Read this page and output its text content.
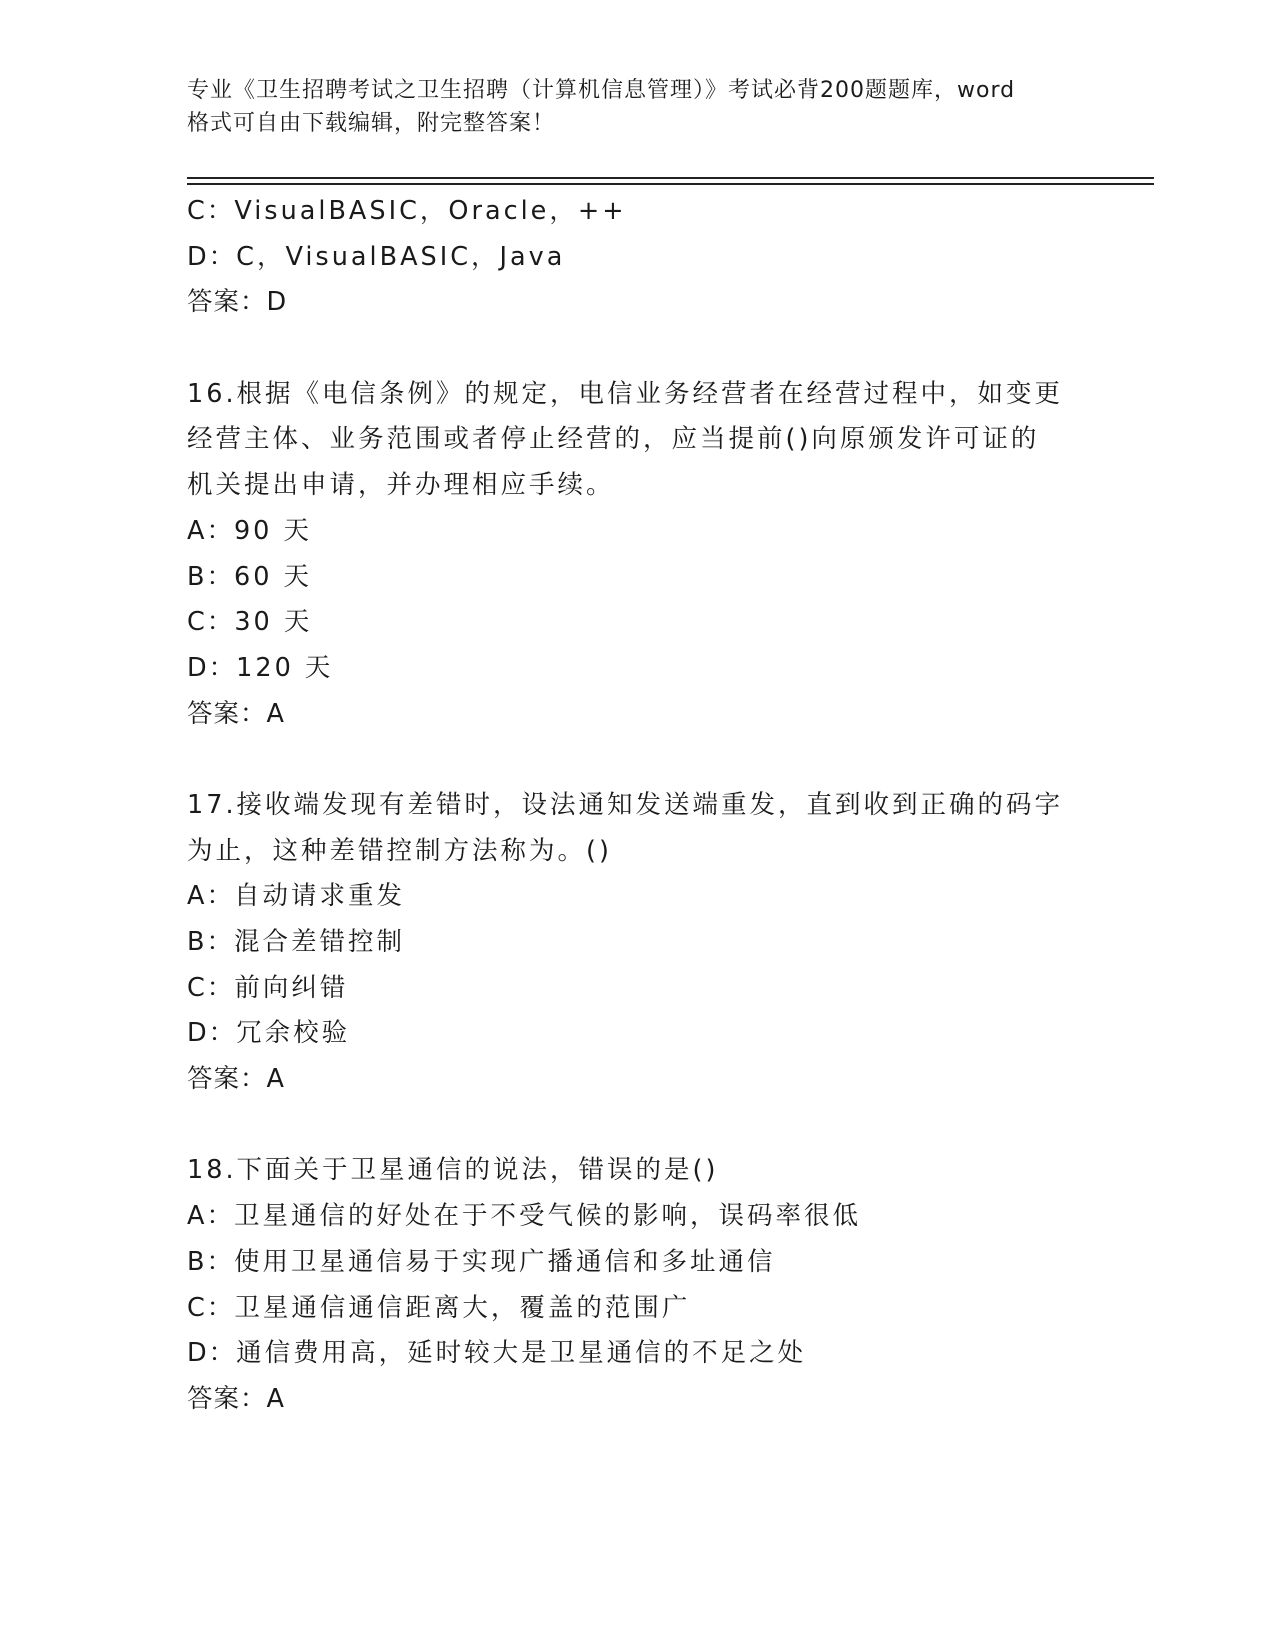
专业《卫生招聘考试之卫生招聘（计算机信息管理）》考试必背200题题库，word
格式可自由下载编辑，附完整答案！
C：VisualBASIC，Oracle，++
D：C，VisualBASIC，Java
答案：D
16.根据《电信条例》的规定，电信业务经营者在经营过程中，如变更
经营主体、业务范围或者停止经营的，应当提前()向原颁发许可证的
机关提出申请，并办理相应手续。
A：90 天
B：60 天
C：30 天
D：120 天
答案：A
17.接收端发现有差错时，设法通知发送端重发，直到收到正确的码字
为止，这种差错控制方法称为。()
A：自动请求重发
B：混合差错控制
C：前向纠错
D：冗余校验
答案：A
18.下面关于卫星通信的说法，错误的是()
A：卫星通信的好处在于不受气候的影响，误码率很低
B：使用卫星通信易于实现广播通信和多址通信
C：卫星通信通信距离大，覆盖的范围广
D：通信费用高，延时较大是卫星通信的不足之处
答案：A
